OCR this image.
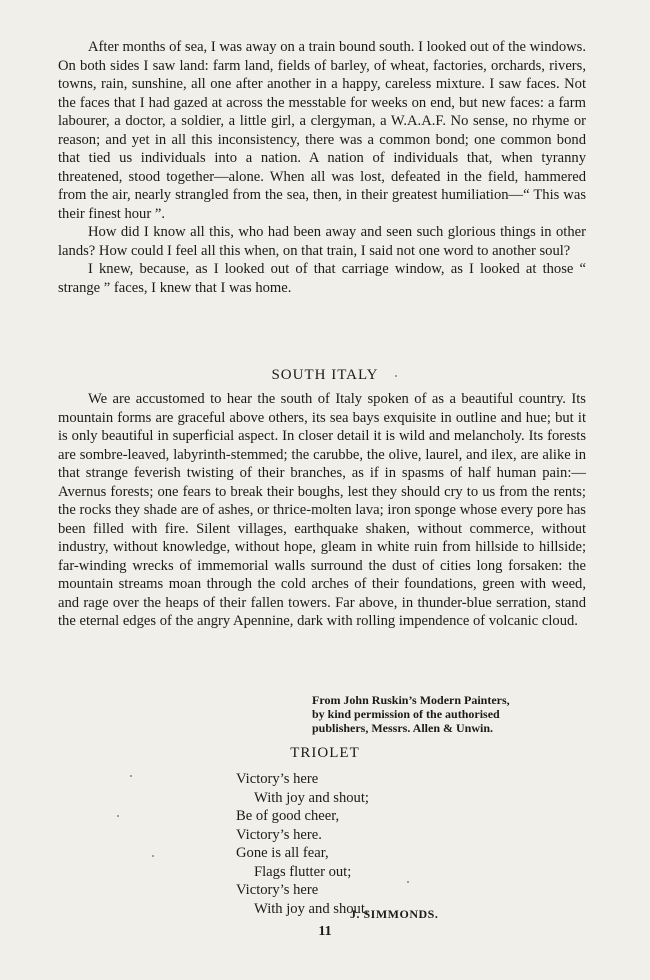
After months of sea, I was away on a train bound south. I looked out of the windows. On both sides I saw land: farm land, fields of barley, of wheat, factories, orchards, rivers, towns, rain, sunshine, all one after another in a happy, careless mixture. I saw faces. Not the faces that I had gazed at across the messtable for weeks on end, but new faces: a farm labourer, a doctor, a soldier, a little girl, a clergyman, a W.A.A.F. No sense, no rhyme or reason; and yet in all this inconsistency, there was a common bond; one common bond that tied us individuals into a nation. A nation of individuals that, when tyranny threatened, stood together—alone. When all was lost, defeated in the field, hammered from the air, nearly strangled from the sea, then, in their greatest humiliation—“ This was their finest hour ”.

How did I know all this, who had been away and seen such glorious things in other lands? How could I feel all this when, on that train, I said not one word to another soul?

I knew, because, as I looked out of that carriage window, as I looked at those “ strange ” faces, I knew that I was home.

SOUTH ITALY

We are accustomed to hear the south of Italy spoken of as a beautiful country. Its mountain forms are graceful above others, its sea bays exquisite in outline and hue; but it is only beautiful in superficial aspect. In closer detail it is wild and melancholy. Its forests are sombre-leaved, labyrinth-stemmed; the carubbe, the olive, laurel, and ilex, are alike in that strange feverish twisting of their branches, as if in spasms of half human pain:—Avernus forests; one fears to break their boughs, lest they should cry to us from the rents; the rocks they shade are of ashes, or thrice-molten lava; iron sponge whose every pore has been filled with fire. Silent villages, earthquake shaken, without commerce, without industry, without knowledge, without hope, gleam in white ruin from hillside to hillside; far-winding wrecks of immemorial walls surround the dust of cities long forsaken: the mountain streams moan through the cold arches of their foundations, green with weed, and rage over the heaps of their fallen towers. Far above, in thunder-blue serration, stand the eternal edges of the angry Apennine, dark with rolling impendence of volcanic cloud.

From John Ruskin’s Modern Painters,
by kind permission of the authorised
publishers, Messrs. Allen & Unwin.
TRIOLET
Victory’s here
With joy and shout;
Be of good cheer,
Victory’s here.
Gone is all fear,
Flags flutter out;
Victory’s here
With joy and shout.
J. SIMMONDS.
11
